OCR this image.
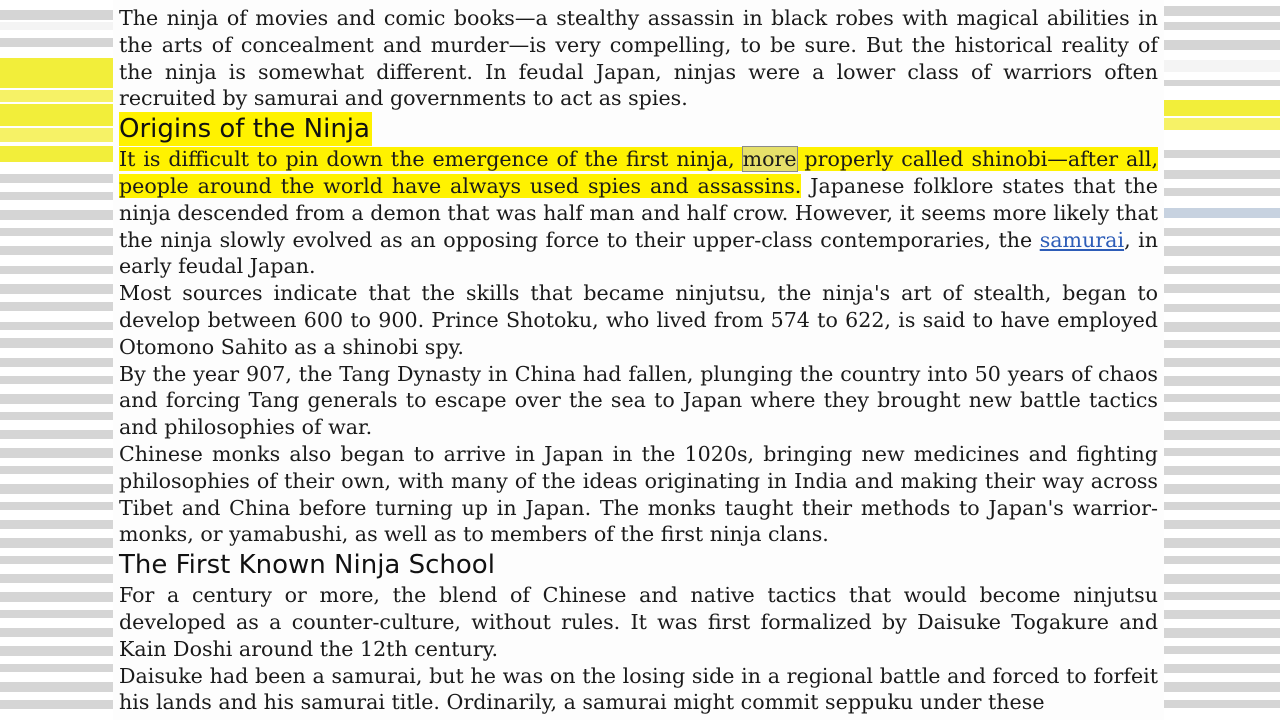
The ninja of movies and comic books—a stealthy assassin in black robes with magical abilities in the arts of concealment and murder—is very compelling, to be sure. But the historical reality of the ninja is somewhat different. In feudal Japan, ninjas were a lower class of warriors often recruited by samurai and governments to act as spies.

Origins of the Ninja

It is difficult to pin down the emergence of the first ninja, more properly called shinobi—after all, people around the world have always used spies and assassins. Japanese folklore states that the ninja descended from a demon that was half man and half crow. However, it seems more likely that the ninja slowly evolved as an opposing force to their upper-class contemporaries, the samurai, in early feudal Japan.

Most sources indicate that the skills that became ninjutsu, the ninja's art of stealth, began to develop between 600 to 900. Prince Shotoku, who lived from 574 to 622, is said to have employed Otomono Sahito as a shinobi spy.

By the year 907, the Tang Dynasty in China had fallen, plunging the country into 50 years of chaos and forcing Tang generals to escape over the sea to Japan where they brought new battle tactics and philosophies of war.

Chinese monks also began to arrive in Japan in the 1020s, bringing new medicines and fighting philosophies of their own, with many of the ideas originating in India and making their way across Tibet and China before turning up in Japan. The monks taught their methods to Japan's warrior-monks, or yamabushi, as well as to members of the first ninja clans.

The First Known Ninja School

For a century or more, the blend of Chinese and native tactics that would become ninjutsu developed as a counter-culture, without rules. It was first formalized by Daisuke Togakure and Kain Doshi around the 12th century.

Daisuke had been a samurai, but he was on the losing side in a regional battle and forced to forfeit his lands and his samurai title. Ordinarily, a samurai might commit seppuku under these
